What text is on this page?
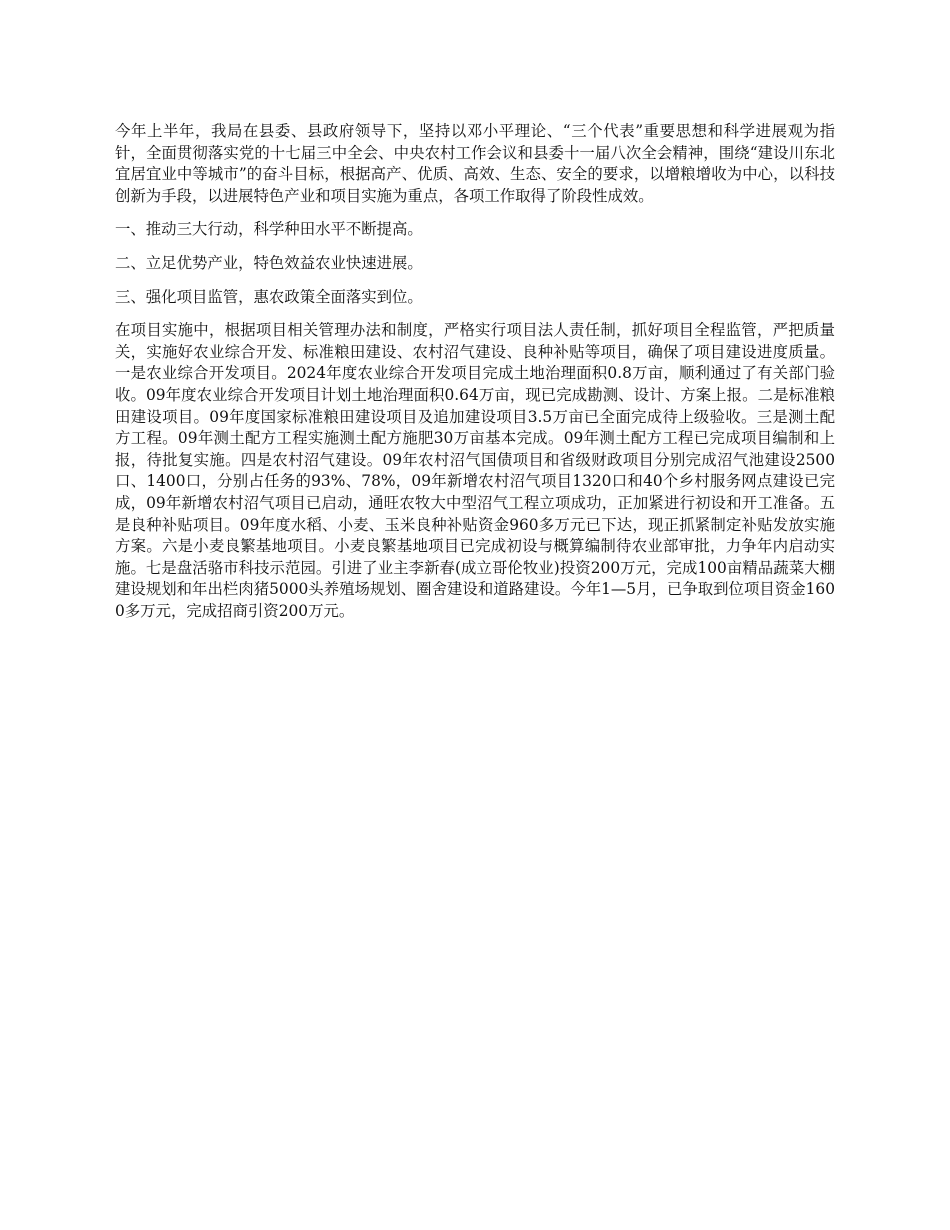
今年上半年，我局在县委、县政府领导下，坚持以邓小平理论、“三个代表”重要思想和科学进展观为指针，全面贯彻落实党的十七届三中全会、中央农村工作会议和县委十一届八次全会精神，围绕“建设川东北宜居宜业中等城市”的奋斗目标，根据高产、优质、高效、生态、安全的要求，以增粮增收为中心，以科技创新为手段，以进展特色产业和项目实施为重点，各项工作取得了阶段性成效。

一、推动三大行动，科学种田水平不断提高。

二、立足优势产业，特色效益农业快速进展。

三、强化项目监管，惠农政策全面落实到位。

在项目实施中，根据项目相关管理办法和制度，严格实行项目法人责任制，抓好项目全程监管，严把质量关，实施好农业综合开发、标准粮田建设、农村沼气建设、良种补贴等项目，确保了项目建设进度质量。一是农业综合开发项目。2024年度农业综合开发项目完成土地治理面积0.8万亩，顺利通过了有关部门验收。09年度农业综合开发项目计划土地治理面积0.64万亩，现已完成勘测、设计、方案上报。二是标准粮田建设项目。09年度国家标准粮田建设项目及追加建设项目3.5万亩已全面完成待上级验收。三是测土配方工程。09年测土配方工程实施测土配方施肥30万亩基本完成。09年测土配方工程已完成项目编制和上报，待批复实施。四是农村沼气建设。09年农村沼气国债项目和省级财政项目分别完成沼气池建设2500口、1400口，分别占任务的93%、78%，09年新增农村沼气项目1320口和40个乡村服务网点建设已完成，09年新增农村沼气项目已启动，通旺农牧大中型沼气工程立项成功，正加紧进行初设和开工准备。五是良种补贴项目。09年度水稻、小麦、玉米良种补贴资金960多万元已下达，现正抓紧制定补贴发放实施方案。六是小麦良繁基地项目。小麦良繁基地项目已完成初设与概算编制待农业部审批，力争年内启动实施。七是盘活骆市科技示范园。引进了业主李新春(成立哥伦牧业)投资200万元，完成100亩精品蔬菜大棚建设规划和年出栏肉猪5000头养殖场规划、圈舍建设和道路建设。今年1—5月，已争取到位项目资金1600多万元，完成招商引资200万元。
